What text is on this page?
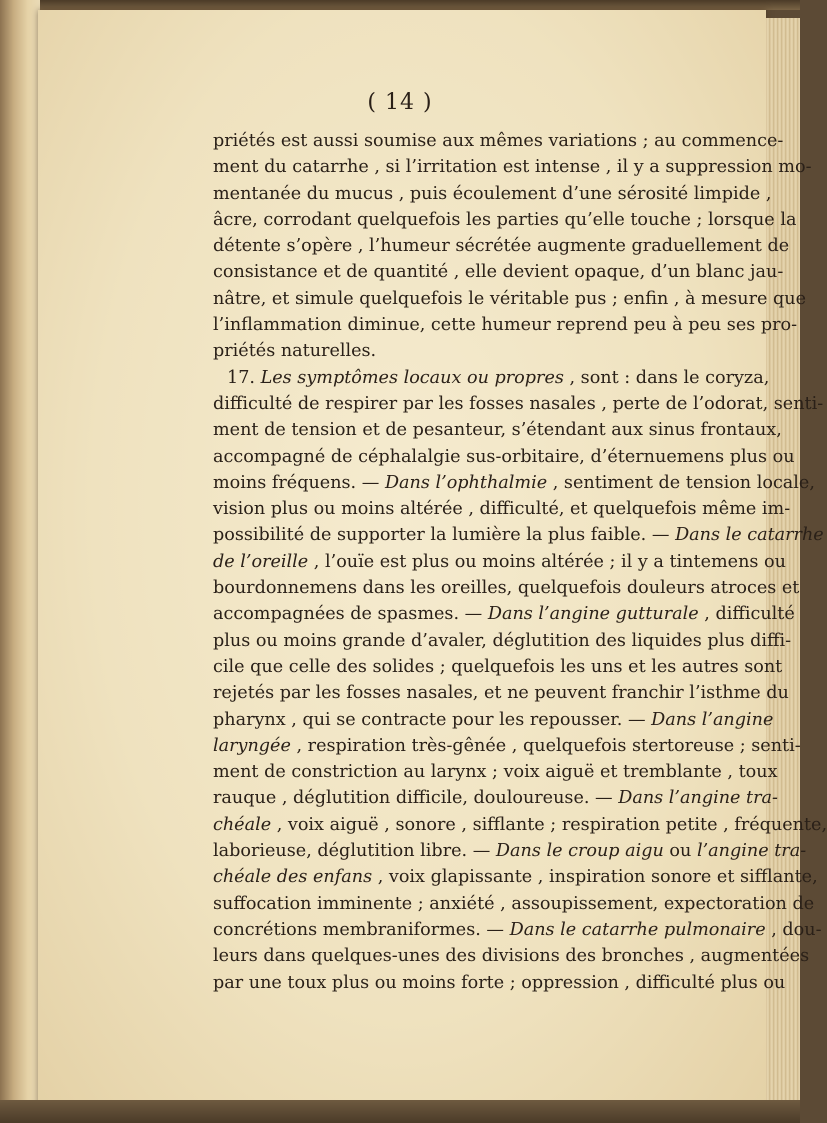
( 14 )
priétés est aussi soumise aux mêmes variations ; au commence-
ment du catarrhe , si l’irritation est intense , il y a suppression mo-
mentanée du mucus , puis écoulement d’une sérosité limpide ,
âcre, corrodant quelquefois les parties qu’elle touche ; lorsque la
détente s’opère , l’humeur sécrétée augmente graduellement de
consistance et de quantité , elle devient opaque, d’un blanc jau-
nâtre, et simule quelquefois le véritable pus ; enfin , à mesure que
l’inflammation diminue, cette humeur reprend peu à peu ses pro-
priétés naturelles.
17. Les symptômes locaux ou propres , sont : dans le coryza,
difficulté de respirer par les fosses nasales , perte de l’odorat, senti-
ment de tension et de pesanteur, s’étendant aux sinus frontaux,
accompagné de céphalalgie sus-orbitaire, d’éternuemens plus ou
moins fréquens. — Dans l’ophthalmie , sentiment de tension locale,
vision plus ou moins altérée , difficulté, et quelquefois même im-
possibilité de supporter la lumière la plus faible. — Dans le catarrhe
de l’oreille , l’ouïe est plus ou moins altérée ; il y a tintemens ou
bourdonnemens dans les oreilles, quelquefois douleurs atroces et
accompagnées de spasmes. — Dans l’angine gutturale , difficulté
plus ou moins grande d’avaler, déglutition des liquides plus diffi-
cile que celle des solides ; quelquefois les uns et les autres sont
rejetés par les fosses nasales, et ne peuvent franchir l’isthme du
pharynx , qui se contracte pour les repousser. — Dans l’angine
laryngée , respiration très-gênée , quelquefois stertoreuse ; senti-
ment de constriction au larynx ; voix aiguë et tremblante , toux
rauque , déglutition difficile, douloureuse. — Dans l’angine tra-
chéale , voix aiguë , sonore , sifflante ; respiration petite , fréquente,
laborieuse, déglutition libre. — Dans le croup aigu ou l’angine tra-
chéale des enfans , voix glapissante , inspiration sonore et sifflante,
suffocation imminente ; anxiété , assoupissement, expectoration de
concrétions membraniformes. — Dans le catarrhe pulmonaire , dou-
leurs dans quelques-unes des divisions des bronches , augmentées
par une toux plus ou moins forte ; oppression , difficulté plus ou
